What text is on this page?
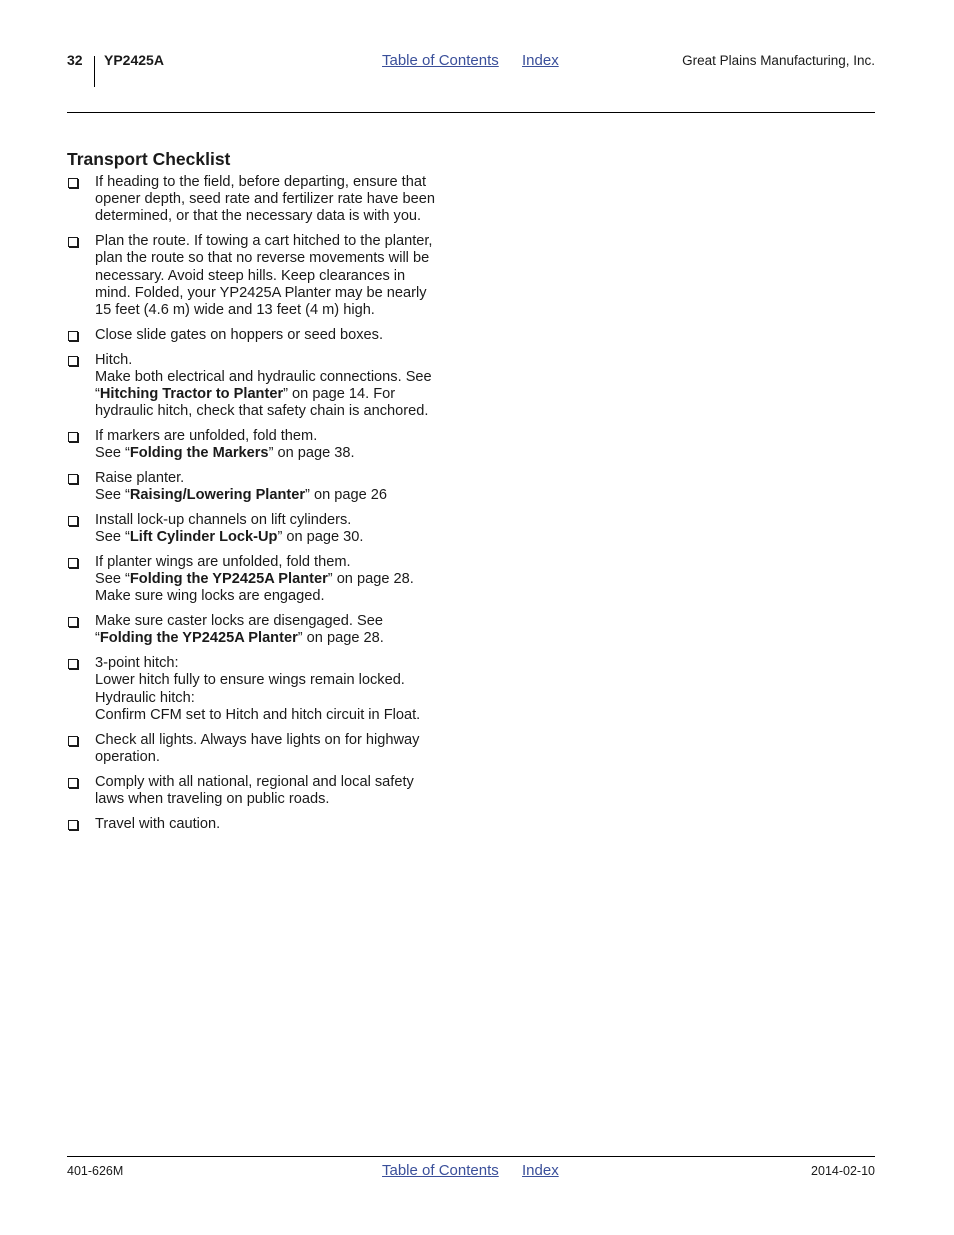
32 YP2425A	Table of Contents Index	Great Plains Manufacturing, Inc.
Transport Checklist
If heading to the field, before departing, ensure that
opener depth, seed rate and fertilizer rate have been
determined, or that the necessary data is with you.
Plan the route. If towing a cart hitched to the planter,
plan the route so that no reverse movements will be
necessary. Avoid steep hills. Keep clearances in
mind. Folded, your YP2425A Planter may be nearly
15 feet (4.6 m) wide and 13 feet (4 m) high.
Close slide gates on hoppers or seed boxes.
Hitch.
Make both electrical and hydraulic connections. See
“Hitching Tractor to Planter” on page 14. For
hydraulic hitch, check that safety chain is anchored.
If markers are unfolded, fold them.
See “Folding the Markers” on page 38.
Raise planter.
See “Raising/Lowering Planter” on page 26
Install lock-up channels on lift cylinders.
See “Lift Cylinder Lock-Up” on page 30.
If planter wings are unfolded, fold them.
See “Folding the YP2425A Planter” on page 28.
Make sure wing locks are engaged.
Make sure caster locks are disengaged. See
“Folding the YP2425A Planter” on page 28.
3-point hitch:
Lower hitch fully to ensure wings remain locked.
Hydraulic hitch:
Confirm CFM set to Hitch and hitch circuit in Float.
Check all lights. Always have lights on for highway
operation.
Comply with all national, regional and local safety
laws when traveling on public roads.
Travel with caution.
401-626M	Table of Contents Index	2014-02-10
